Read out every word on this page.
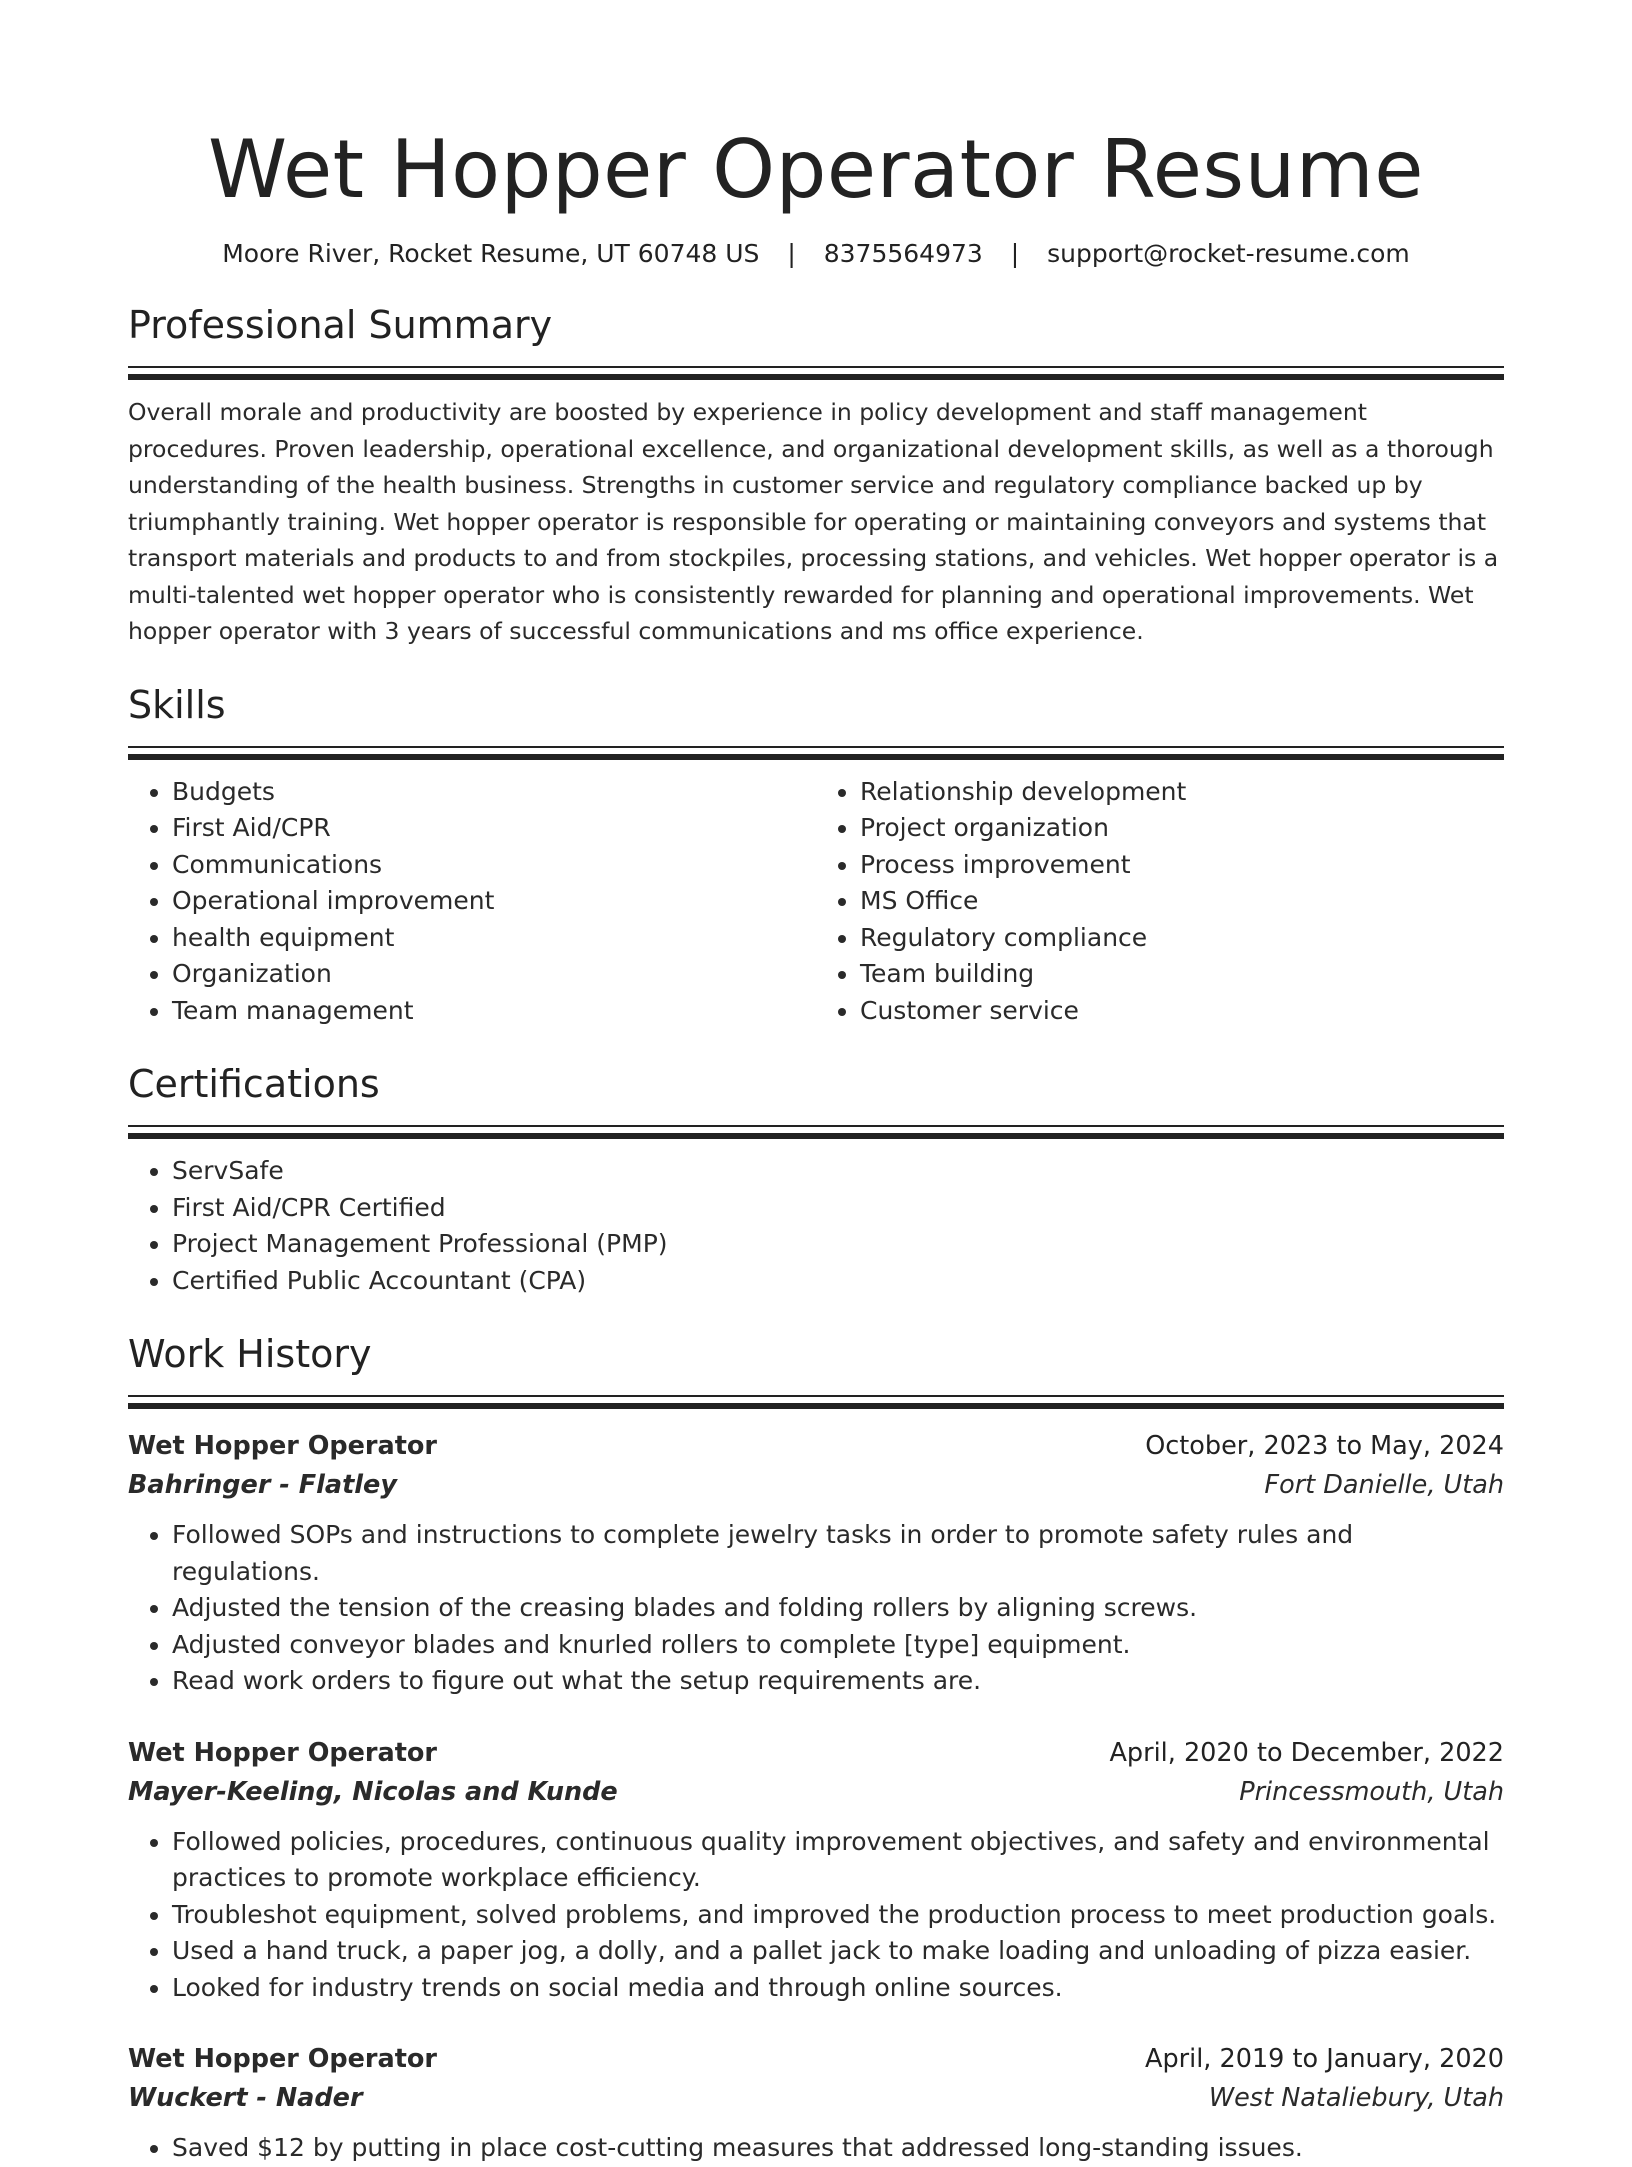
Wet Hopper Operator Resume
Moore River, Rocket Resume, UT 60748 US | 8375564973 | support@rocket-resume.com
Professional Summary

Overall morale and productivity are boosted by experience in policy development and staff management procedures. Proven leadership, operational excellence, and organizational development skills, as well as a thorough understanding of the health business. Strengths in customer service and regulatory compliance backed up by triumphantly training. Wet hopper operator is responsible for operating or maintaining conveyors and systems that transport materials and products to and from stockpiles, processing stations, and vehicles. Wet hopper operator is a multi-talented wet hopper operator who is consistently rewarded for planning and operational improvements. Wet hopper operator with 3 years of successful communications and ms office experience.

Skills
• Budgets
• First Aid/CPR
• Communications
• Operational improvement
• health equipment
• Organization
• Team management
• Relationship development
• Project organization
• Process improvement
• MS Office
• Regulatory compliance
• Team building
• Customer service
Certifications
• ServSafe
• First Aid/CPR Certified
• Project Management Professional (PMP)
• Certified Public Accountant (CPA)
Work History
Wet Hopper Operator	October, 2023 to May, 2024
Bahringer - Flatley	Fort Danielle, Utah
• Followed SOPs and instructions to complete jewelry tasks in order to promote safety rules and regulations.
• Adjusted the tension of the creasing blades and folding rollers by aligning screws.
• Adjusted conveyor blades and knurled rollers to complete [type] equipment.
• Read work orders to figure out what the setup requirements are.
Wet Hopper Operator	April, 2020 to December, 2022
Mayer-Keeling, Nicolas and Kunde	Princessmouth, Utah
• Followed policies, procedures, continuous quality improvement objectives, and safety and environmental practices to promote workplace efficiency.
• Troubleshot equipment, solved problems, and improved the production process to meet production goals.
• Used a hand truck, a paper jog, a dolly, and a pallet jack to make loading and unloading of pizza easier.
• Looked for industry trends on social media and through online sources.
Wet Hopper Operator	April, 2019 to January, 2020
Wuckert - Nader	West Nataliebury, Utah
• Saved $12 by putting in place cost-cutting measures that addressed long-standing issues.
